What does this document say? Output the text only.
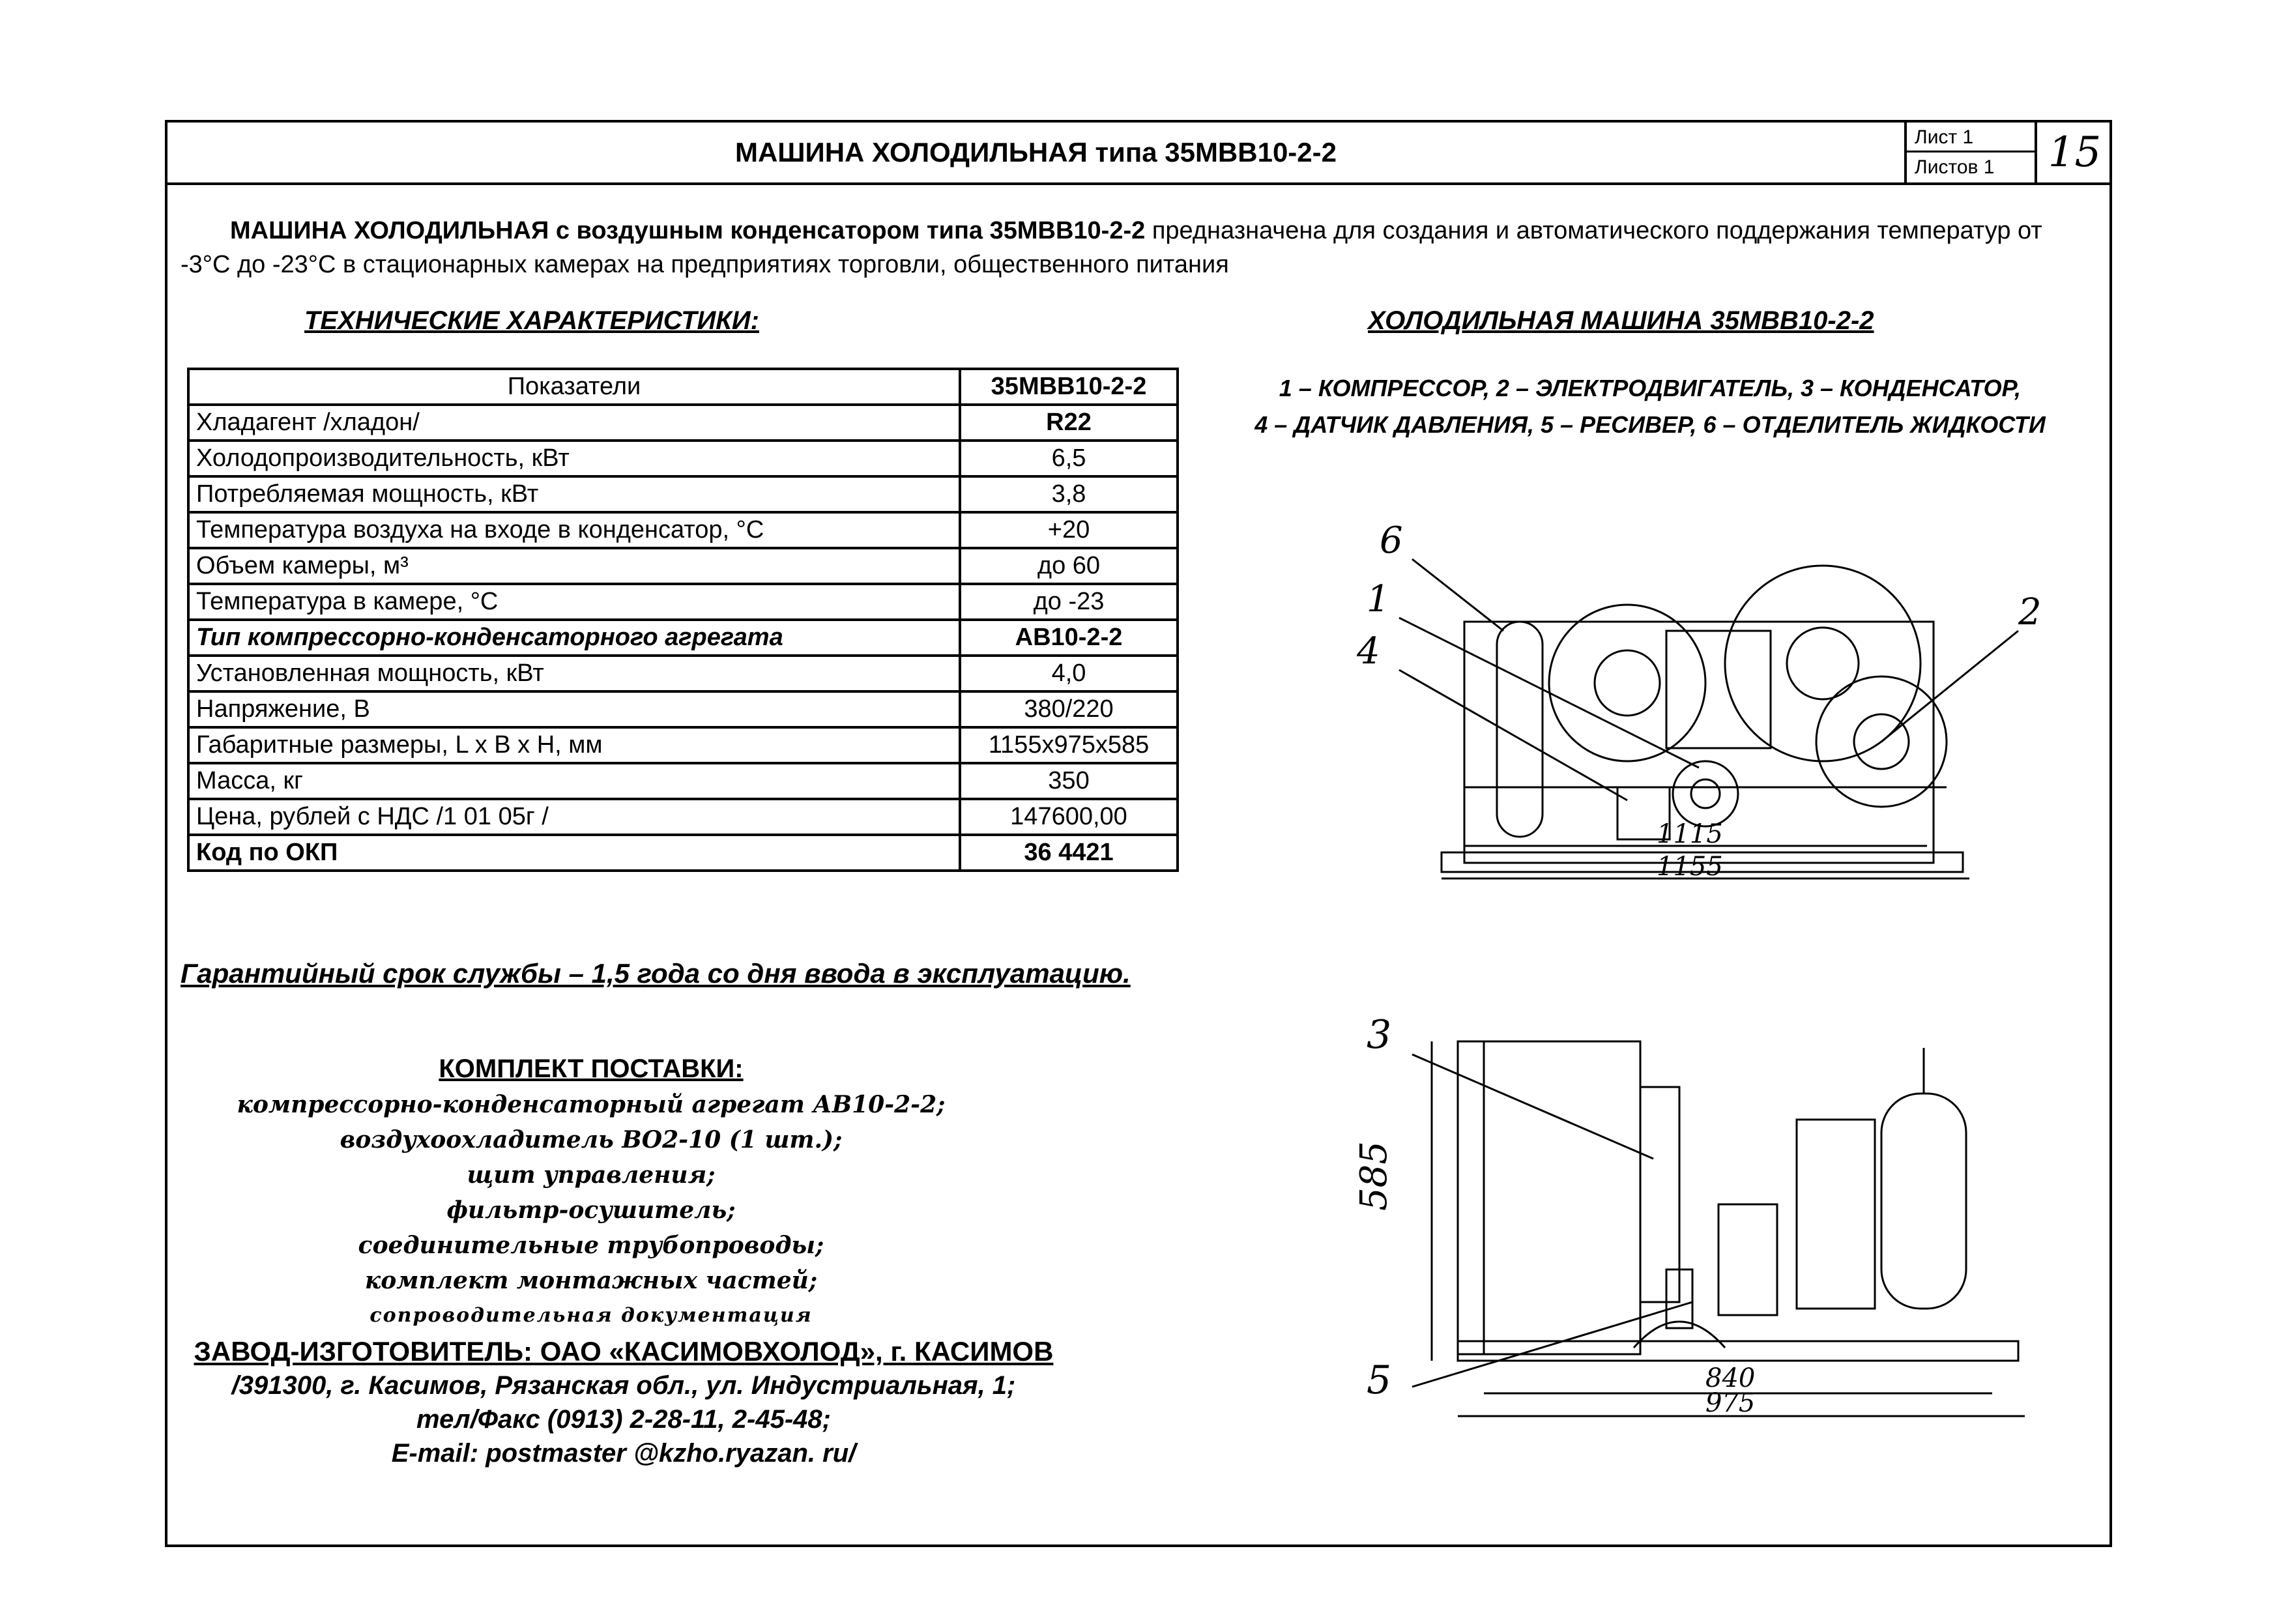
МАШИНА ХОЛОДИЛЬНАЯ типа 35МВВ10-2-2	Лист 1
Листов 1	15
МАШИНА ХОЛОДИЛЬНАЯ с воздушным конденсатором типа 35МВВ10-2-2 предназначена для создания и автоматического поддержания температур от -3°С до -23°С в стационарных камерах на предприятиях торговли, общественного питания
ТЕХНИЧЕСКИЕ ХАРАКТЕРИСТИКИ:	ХОЛОДИЛЬНАЯ МАШИНА 35МВВ10-2-2
Показатели	35МВВ10-2-2
Хладагент /хладон/	R22
Холодопроизводительность, кВт	6,5
Потребляемая мощность, кВт	3,8
Температура воздуха на входе в конденсатор, °С	+20
Объем камеры, м³	до 60
Температура в камере, °С	до -23
Тип компрессорно-конденсаторного агрегата	АВ10-2-2
Установленная мощность, кВт	4,0
Напряжение, В	380/220
Габаритные размеры, L x B x H, мм	1155x975x585
Масса, кг	350
Цена, рублей с НДС /1 01 05г /	147600,00
Код по ОКП	36 4421
1 – КОМПРЕССОР, 2 – ЭЛЕКТРОДВИГАТЕЛЬ, 3 – КОНДЕНСАТОР,
4 – ДАТЧИК ДАВЛЕНИЯ, 5 – РЕСИВЕР, 6 – ОТДЕЛИТЕЛЬ ЖИДКОСТИ
6
1
4
2
1115
1155
Гарантийный срок службы – 1,5 года со дня ввода в эксплуатацию.
КОМПЛЕКТ ПОСТАВКИ:
компрессорно-конденсаторный агрегат АВ10-2-2;
воздухоохладитель ВО2-10 (1 шт.);
щит управления;
фильтр-осушитель;
соединительные трубопроводы;
комплект монтажных частей;
сопроводительная документация
ЗАВОД-ИЗГОТОВИТЕЛЬ: ОАО «КАСИМОВХОЛОД», г. КАСИМОВ
/391300, г. Касимов, Рязанская обл., ул. Индустриальная, 1;
тел/Факс (0913) 2-28-11, 2-45-48;
E-mail: postmaster @kzho.ryazan. ru/
585
840
975
3
5
